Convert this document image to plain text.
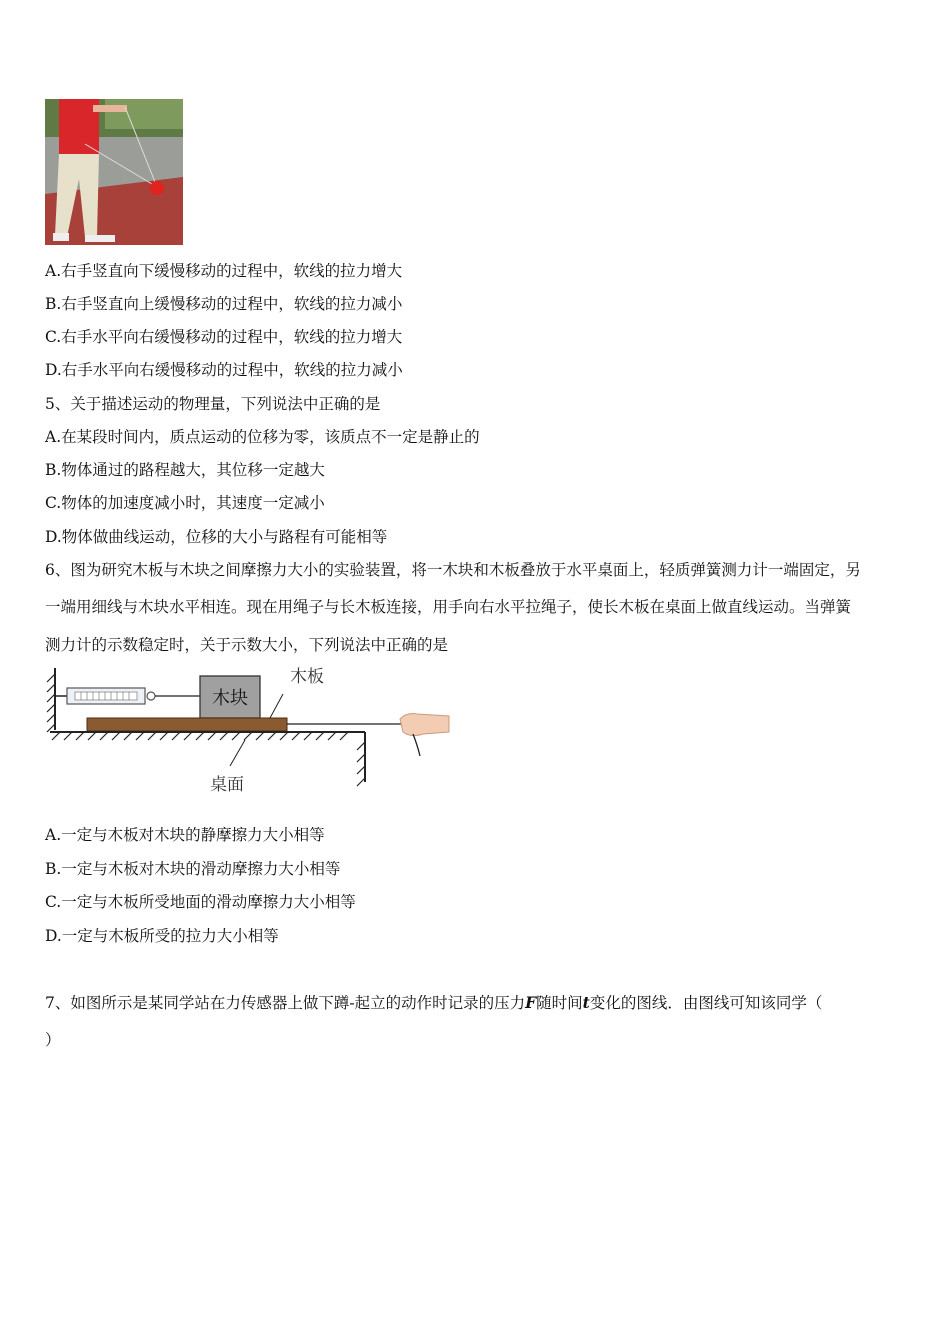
A.右手竖直向下缓慢移动的过程中，软线的拉力增大
B.右手竖直向上缓慢移动的过程中，软线的拉力减小
C.右手水平向右缓慢移动的过程中，软线的拉力增大
D.右手水平向右缓慢移动的过程中，软线的拉力减小
5、关于描述运动的物理量，下列说法中正确的是
A.在某段时间内，质点运动的位移为零，该质点不一定是静止的
B.物体通过的路程越大，其位移一定越大
C.物体的加速度减小时，其速度一定减小
D.物体做曲线运动，位移的大小与路程有可能相等
6、图为研究木板与木块之间摩擦力大小的实验装置，将一木块和木板叠放于水平桌面上，轻质弹簧测力计一端固定，另
一端用细线与木块水平相连。现在用绳子与长木板连接，用手向右水平拉绳子，使长木板在桌面上做直线运动。当弹簧
测力计的示数稳定时，关于示数大小，下列说法中正确的是
木块
木板
桌面
A.一定与木板对木块的静摩擦力大小相等
B.一定与木板对木块的滑动摩擦力大小相等
C.一定与木板所受地面的滑动摩擦力大小相等
D.一定与木板所受的拉力大小相等
7、如图所示是某同学站在力传感器上做下蹲-起立的动作时记录的压力F随时间t变化的图线．由图线可知该同学（
）
